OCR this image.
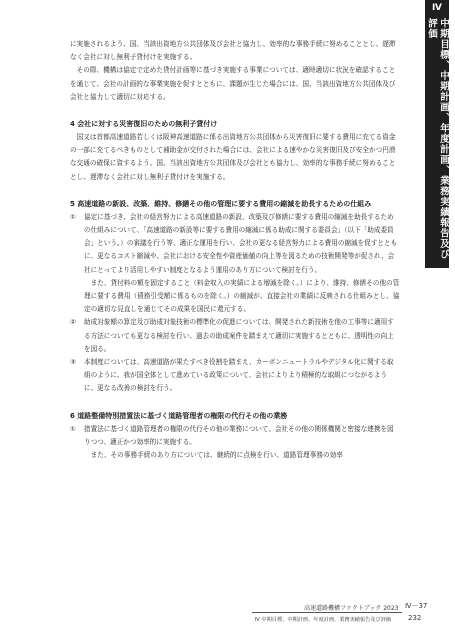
Ⅳ
中期目標、中期計画、年度計画、業務実績報告及び評価

に実施されるよう、国、当該出資地方公共団体及び会社と協力し、効率的な事務手続に努めることとし、遅滞なく会社に対し無利子貸付けを実施する。

その際、機構は協定で定めた貸付計画等に基づき実施する事業については、適時適切に状況を確認することを通じて、会社の計画的な事業実施を促すとともに、課題が生じた場合には、国、当該出資地方公共団体及び会社と協力して適切に対応する。

4 会社に対する災害復旧のための無利子貸付け

国又は首都高速道路若しくは阪神高速道路に係る出資地方公共団体から災害復旧に要する費用に充てる資金の一部に充てるべきものとして補助金が交付された場合には、会社による速やかな災害復旧及び安全かつ円滑な交通の確保に資するよう、国、当該出資地方公共団体及び会社とも協力し、効率的な事務手続に努めることとし、遅滞なく会社に対し無利子貸付けを実施する。

5 高速道路の新設、改築、維持、修繕その他の管理に要する費用の縮減を助長するための仕組み
①	協定に基づき、会社の経営努力による高速道路の新設、改築及び修繕に要する費用の縮減を助長するための仕組みについて、「高速道路の新設等に要する費用の縮減に係る助成に関する委員会」（以下「助成委員会」という。）の審議を行う等、適正な運用を行い、会社の更なる経営努力による費用の縮減を促すとともに、更なるコスト縮減や、会社における安全性や資産価値の向上等を図るための技術開発等が促され、会社にとってより活用しやすい制度となるよう運用のあり方について検討を行う。

また、貸付料の額を固定すること（料金収入の実績による増減を除く。）により、維持、修繕その他の管理に要する費用（債務引受額に係るものを除く。）の縮減が、直接会社の業績に反映される仕組みとし、協定の適切な見直しを通じてその成果を国民に還元する。

②	助成対象額の算定及び助成対象技術の標準化の促進については、開発された新技術を他の工事等に適用する方法についても更なる検討を行い、過去の助成案件を踏まえて適切に実施するとともに、透明性の向上を図る。
③	本制度については、高速道路が果たすべき役割を踏まえ、カーボンニュートラルやデジタル化に関する取組のように、我が国全体として進めている政策について、会社によりより積極的な取組につながるように、更なる改善の検討を行う。
6 道路整備特別措置法に基づく道路管理者の権限の代行その他の業務
①	措置法に基づく道路管理者の権限の代行その他の業務について、会社その他の関係機関と密接な連携を図りつつ、適正かつ効率的に実施する。

また、その事務手続のあり方については、継続的に点検を行い、道路管理事務の効率

高速道路機構ファクトブック 2023 Ⅳ－37
Ⅳ 中期目標、中期計画、年度計画、業務実績報告及び評価 232
